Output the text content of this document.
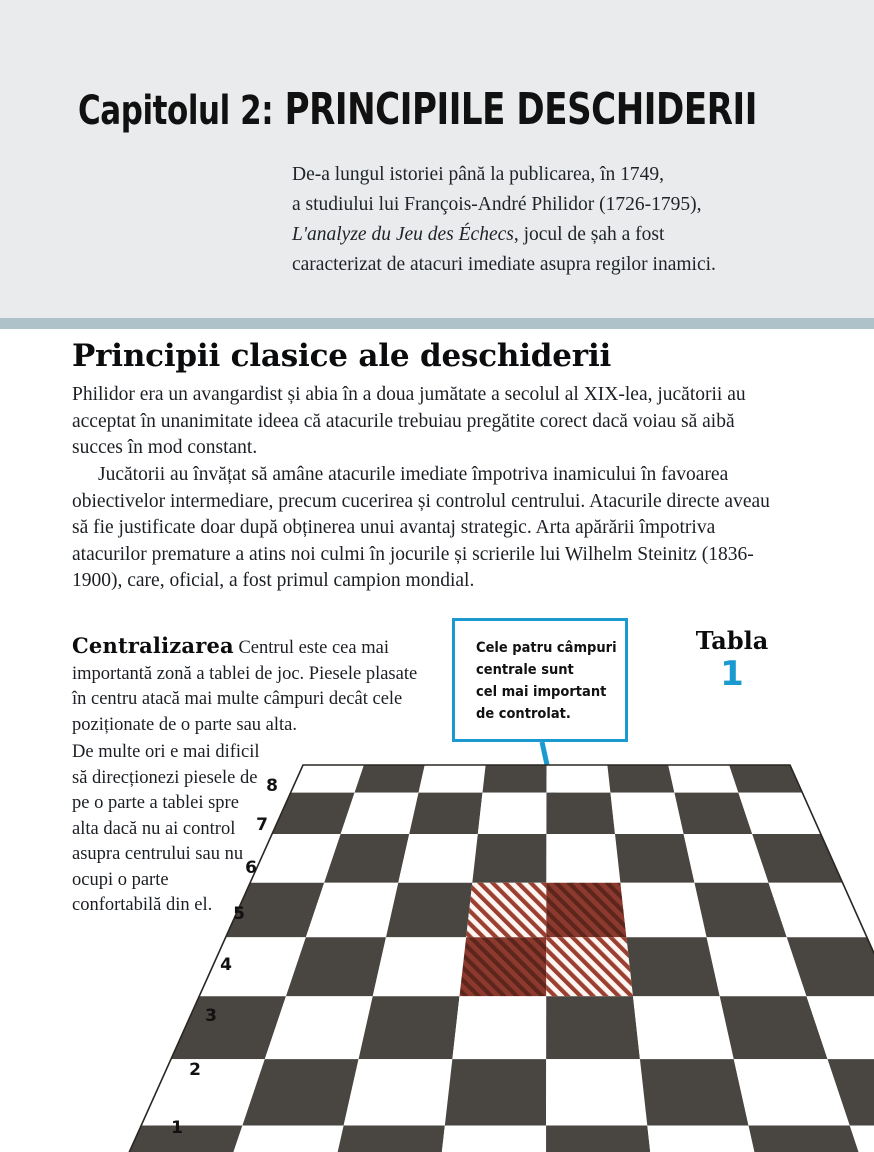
Capitolul 2: PRINCIPIILE DESCHIDERII
De-a lungul istoriei până la publicarea, în 1749,
a studiului lui François-André Philidor (1726-1795),
L'analyze du Jeu des Échecs, jocul de șah a fost
caracterizat de atacuri imediate asupra regilor inamici.
Principii clasice ale deschiderii
Philidor era un avangardist și abia în a doua jumătate a secolul al XIX-lea, jucătorii au acceptat în unanimitate ideea că atacurile trebuiau pregătite corect dacă voiau să aibă succes în mod constant.
Jucătorii au învățat să amâne atacurile imediate împotriva inamicului în favoarea obiectivelor intermediare, precum cucerirea și controlul centrului. Atacurile directe aveau să fie justificate doar după obținerea unui avantaj strategic. Arta apărării împotriva atacurilor premature a atins noi culmi în jocurile și scrierile lui Wilhelm Steinitz (1836-1900), care, oficial, a fost primul campion mondial.
Centralizarea Centrul este cea mai importantă zonă a tablei de joc. Piesele plasate în centru atacă mai multe câmpuri decât cele poziționate de o parte sau alta.
De multe ori e mai dificil să direcționezi piesele de pe o parte a tablei spre alta dacă nu ai control asupra centrului sau nu ocupi o parte confortabilă din el.
Cele patru câmpuri
centrale sunt
cel mai important
de controlat.
Tabla
1
8
7
6
5
4
3
2
1
